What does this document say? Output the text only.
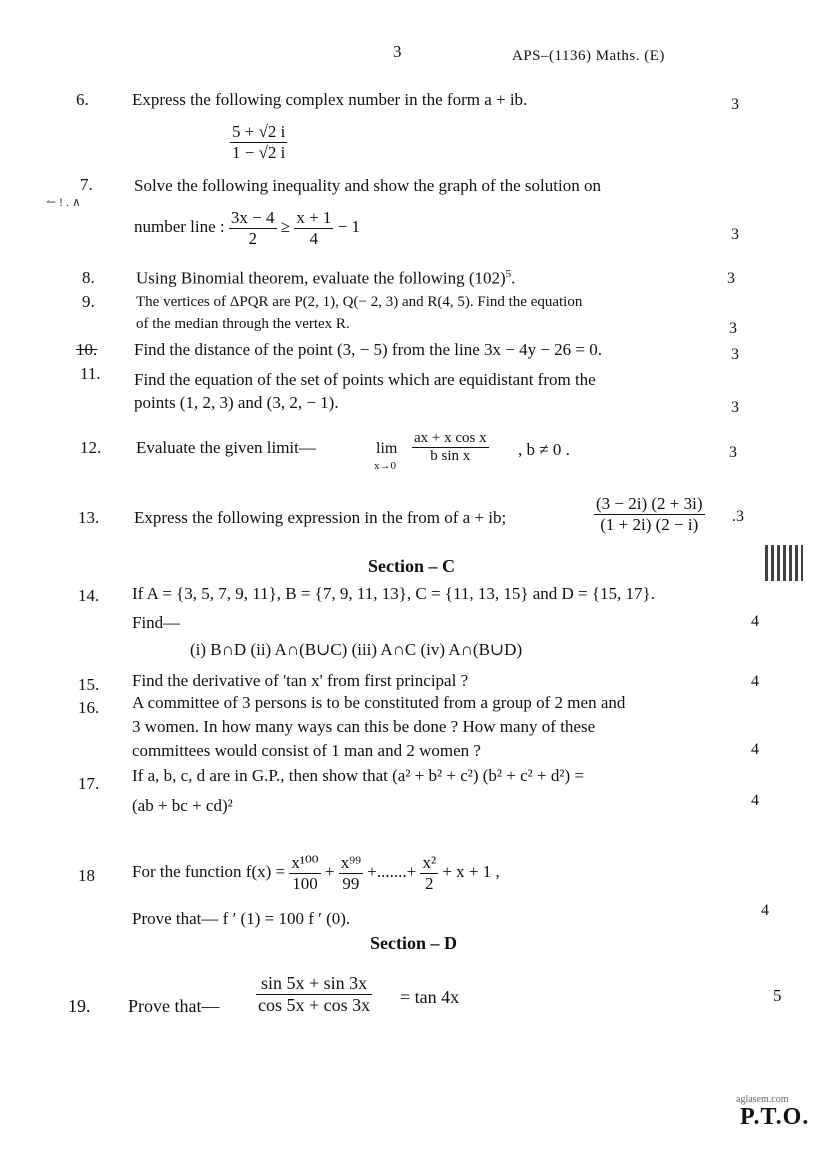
3	APS–(1136) Maths. (E)
6.	Express the following complex number in the form a + ib.	3
$\frac{5 + √2 i}{1 - √2 i}$
7.
↼ ! . ∧
Solve the following inequality and show the graph of the solution on
number line : $\frac{3x - 4}{2} \ge \frac{x + 1}{4} - 1$	3
8. Using Binomial theorem, evaluate the following $(102)^5$.	3
9.	The vertices of ΔPQR are P(2, 1), Q(− 2, 3) and R(4, 5). Find the equation
of the median through the vertex R.	3
10. Find the distance of the point (3, − 5) from the line 3x − 4y − 26 = 0.	3
11. Find the equation of the set of points which are equidistant from the
points (1, 2, 3) and (3, 2, − 1).	3
12. Evaluate the given limit—	lim
x→0
$\frac{\text{ax + x cos x}}{\text{b sin x}}$ , b ≠ 0 .	3
13. Express the following expression in the from of a + ib;	$\frac{(3 - 2i) (2 + 3i)}{(1 + 2i) (2 - i)} .3$
Section – C
14. If A = {3, 5, 7, 9, 11}, B = {7, 9, 11, 13}, C = {11, 13, 15} and D = {15, 17}.
Find—	4
(i) B∩D (ii) A∩(B∪C) (iii) A∩C (iv) A∩(B∪D)
15. Find the derivative of 'tan x' from first principal ?	4
16. A committee of 3 persons is to be constituted from a group of 2 men and
3 women. In how many ways can this be done ? How many of these
committees would consist of 1 man and 2 women ?	4
17. If a, b, c, d are in G.P., then show that (a² + b² + c²) (b² + c² + d²) =
(ab + bc + cd)²	4
18 For the function $f(x) = \frac{\text{x¹⁰⁰}}{100} + \frac{\text{x⁹⁹}}{99}$ +.......+ $\frac{\text{x²}}{2} + x + 1$ ,
Prove that— f ′ (1) = 100 f ′ (0).	4
Section – D
19. Prove that— $\frac{\sin 5x + \sin 3x}{\cos 5x + \cos 3x} = \tan 4x$	5
P.T.O.
aglasem.com
